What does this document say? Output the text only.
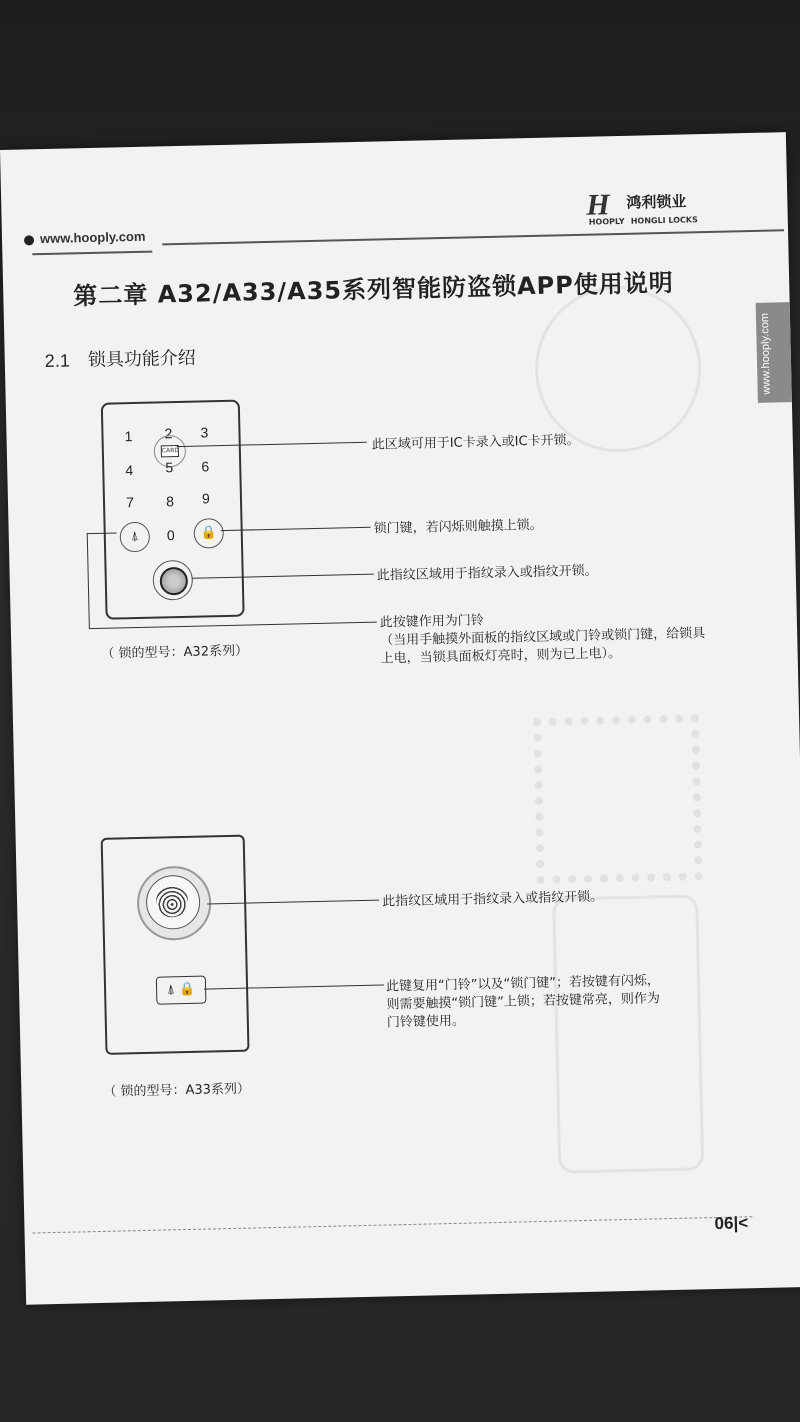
www.hooply.com
H 鸿利锁业
HOOPLY HONGLI LOCKS
www.hooply.com
第二章 A32/A33/A35系列智能防盗锁APP使用说明
2.1 锁具功能介绍
1	2	3
CARD
4	5	6
7	8	9
⍋	0	🔒
此区域可用于IC卡录入或IC卡开锁。
锁门键，若闪烁则触摸上锁。
此指纹区域用于指纹录入或指纹开锁。
此按键作用为门铃
（当用手触摸外面板的指纹区域或门铃或锁门键，给锁具
上电，当锁具面板灯亮时，则为已上电）。
（ 锁的型号：A32系列）
⍋ 🔒
此指纹区域用于指纹录入或指纹开锁。
此键复用“门铃”以及“锁门键”；若按键有闪烁，
则需要触摸“锁门键”上锁；若按键常亮，则作为
门铃键使用。
（ 锁的型号：A33系列）
06|<
